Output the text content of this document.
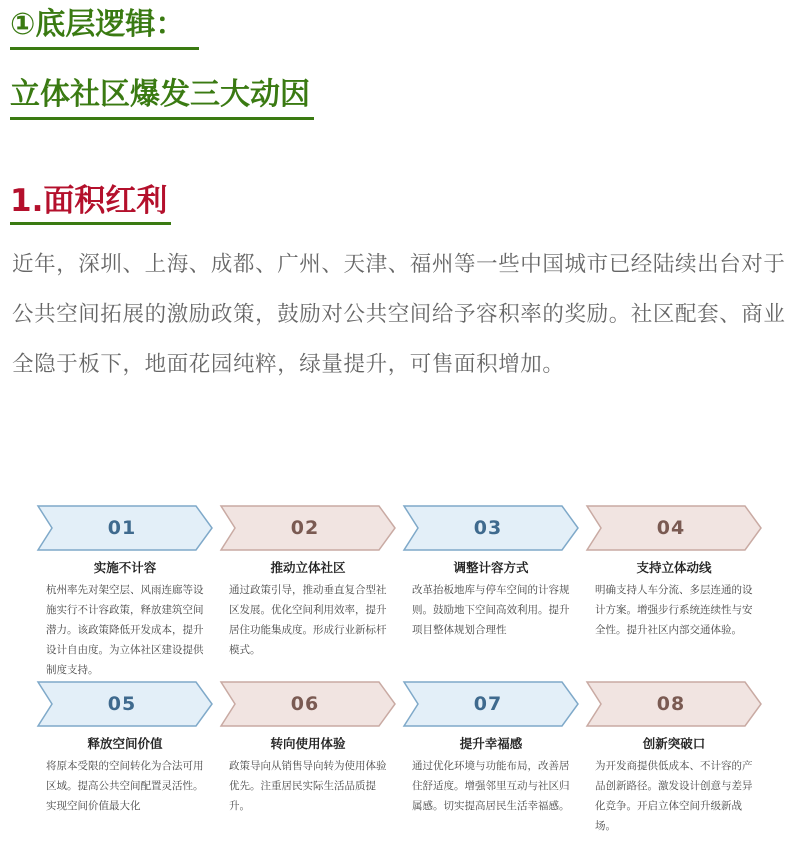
①底层逻辑：
立体社区爆发三大动因
1.面积红利

近年，深圳、上海、成都、广州、天津、福州等一些中国城市已经陆续出台对于公共空间拓展的激励政策，鼓励对公共空间给予容积率的奖励。社区配套、商业全隐于板下，地面花园纯粹，绿量提升，可售面积增加。

01
实施不计容
杭州率先对架空层、风雨连廊等设施实行不计容政策，释放建筑空间潜力。该政策降低开发成本，提升设计自由度。为立体社区建设提供制度支持。
02
推动立体社区
通过政策引导，推动垂直复合型社区发展。优化空间利用效率，提升居住功能集成度。形成行业新标杆模式。
03
调整计容方式
改革抬板地库与停车空间的计容规则。鼓励地下空间高效利用。提升项目整体规划合理性
04
支持立体动线
明确支持人车分流、多层连通的设计方案。增强步行系统连续性与安全性。提升社区内部交通体验。
05
释放空间价值
将原本受限的空间转化为合法可用区域。提高公共空间配置灵活性。实现空间价值最大化
06
转向使用体验
政策导向从销售导向转为使用体验优先。注重居民实际生活品质提升。
07
提升幸福感
通过优化环境与功能布局，改善居住舒适度。增强邻里互动与社区归属感。切实提高居民生活幸福感。
08
创新突破口
为开发商提供低成本、不计容的产品创新路径。激发设计创意与差异化竞争。开启立体空间升级新战场。
